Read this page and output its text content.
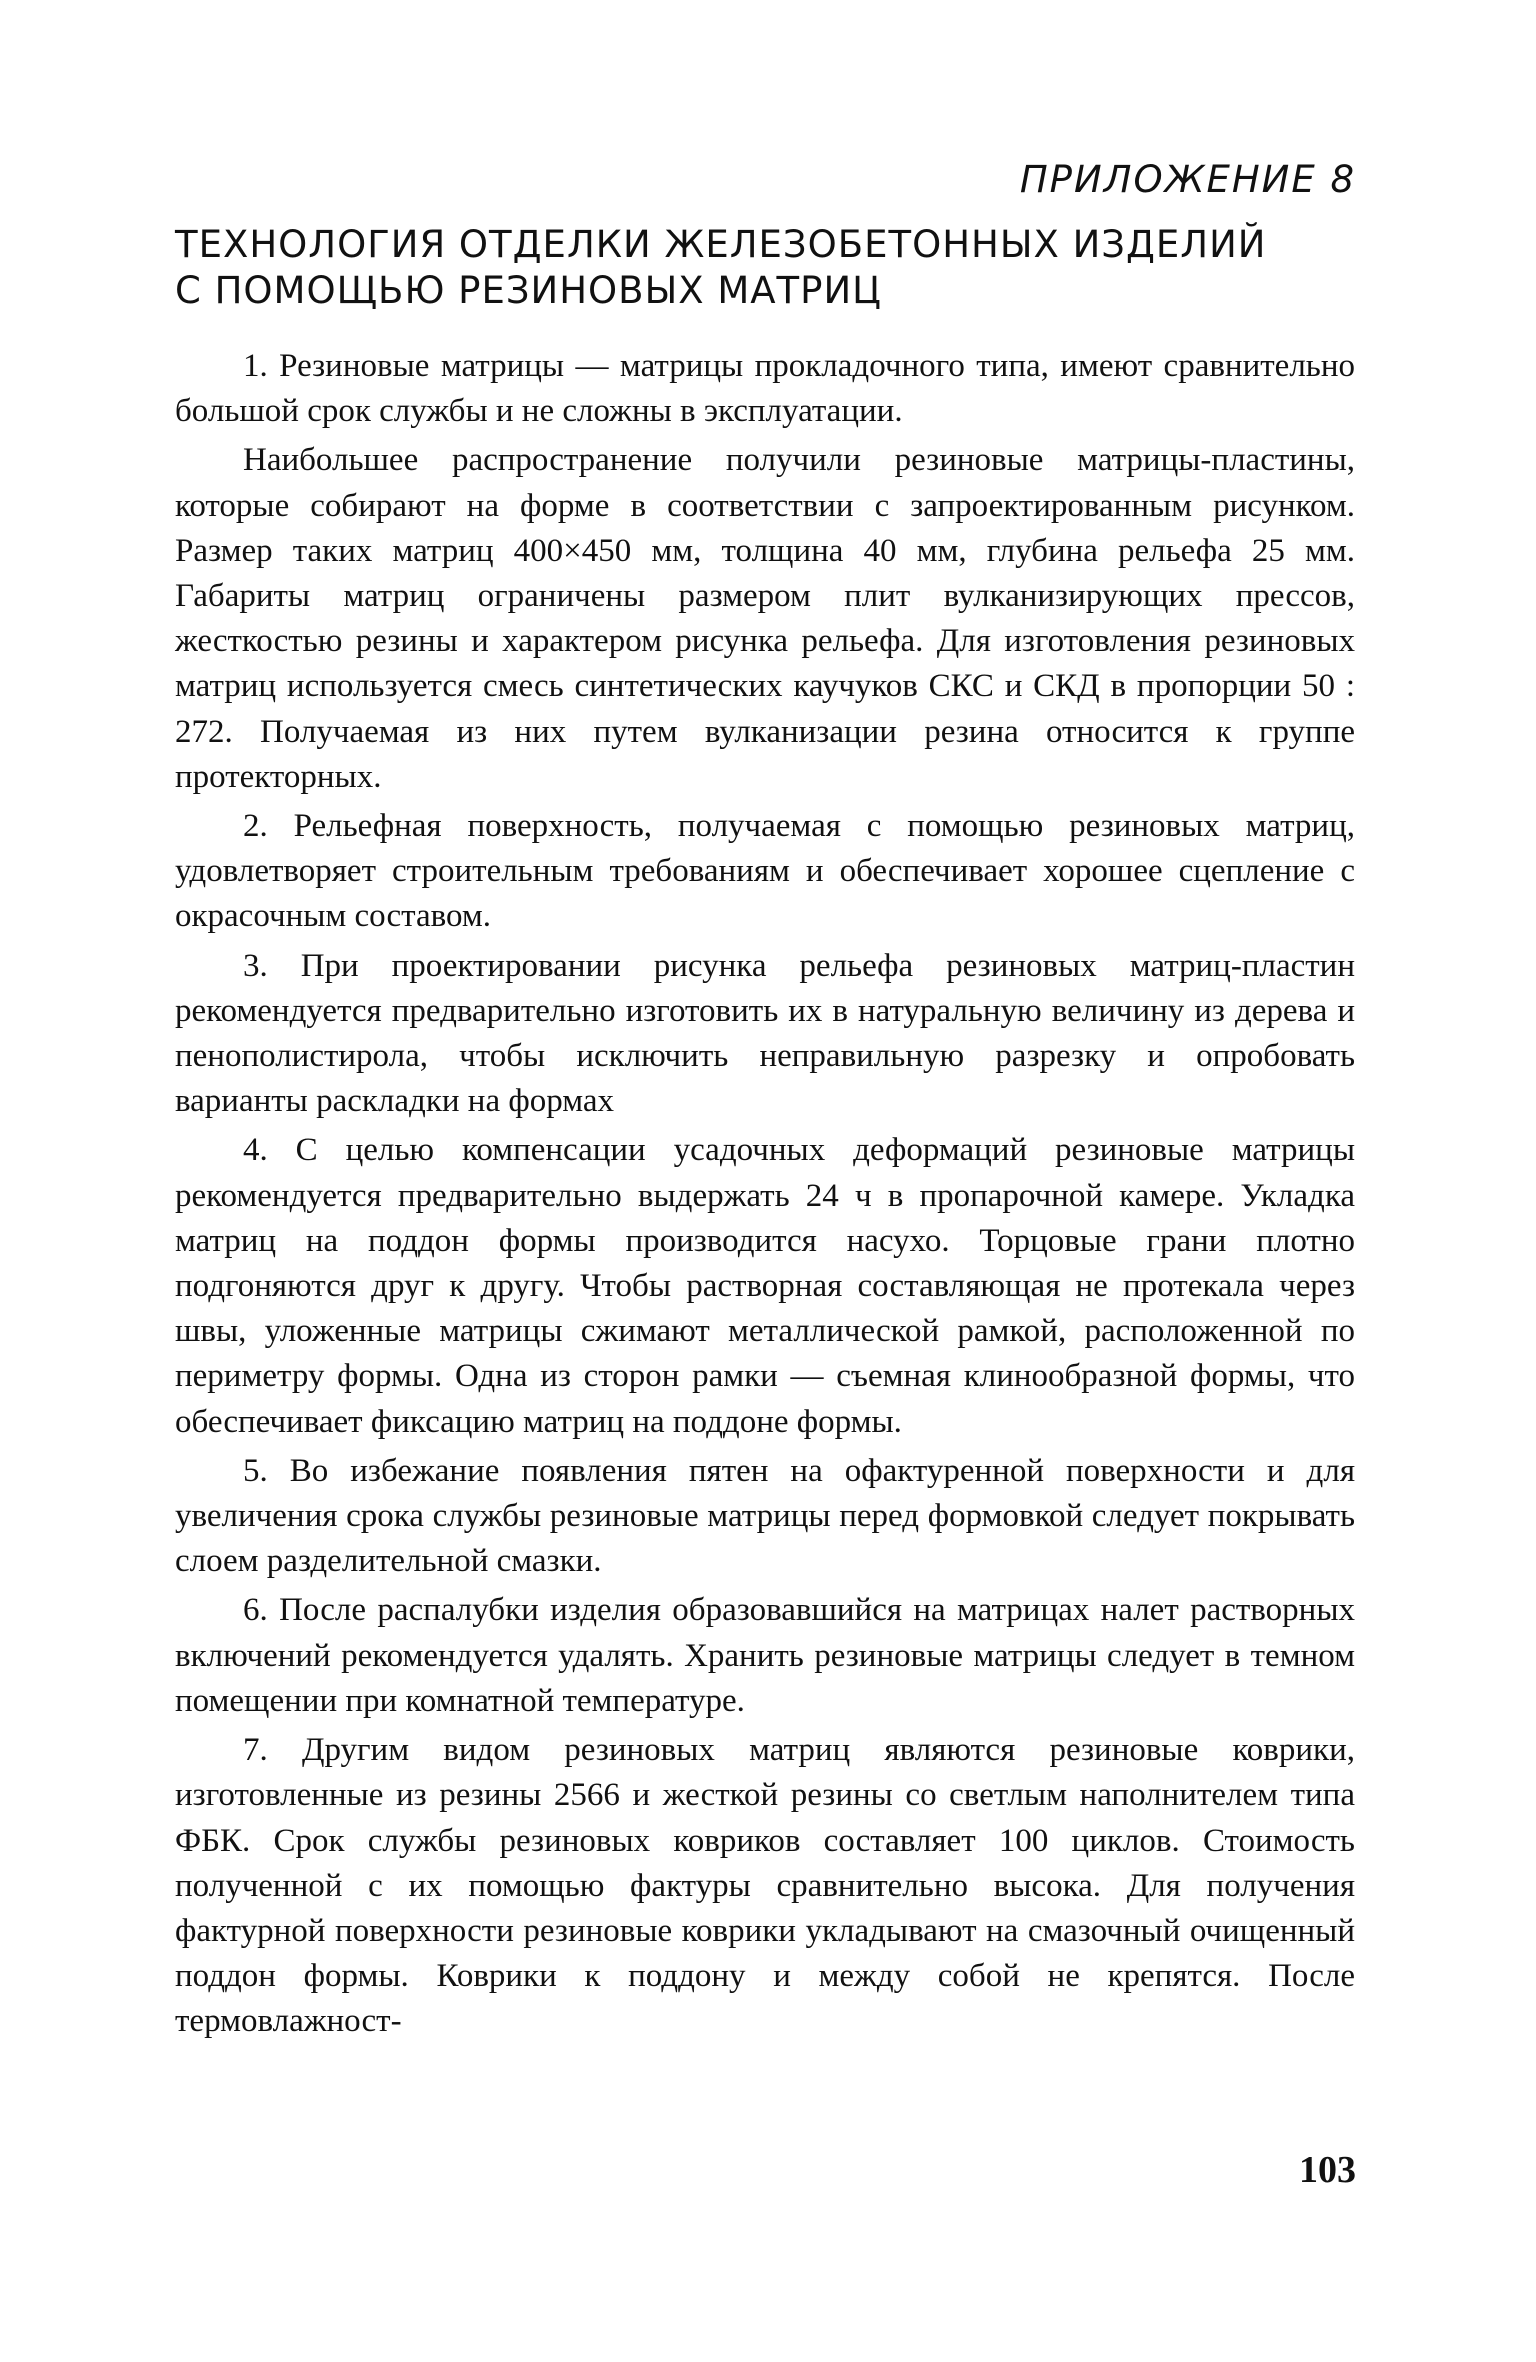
ПРИЛОЖЕНИЕ 8
ТЕХНОЛОГИЯ ОТДЕЛКИ ЖЕЛЕЗОБЕТОННЫХ ИЗДЕЛИЙ
С ПОМОЩЬЮ РЕЗИНОВЫХ МАТРИЦ

1. Резиновые матрицы — матрицы прокладочного типа, имеют сравнительно большой срок службы и не сложны в эксплуатации.

Наибольшее распространение получили резиновые матрицы-пластины, которые собирают на форме в соответствии с запроектированным рисунком. Размер таких матриц 400×450 мм, толщина 40 мм, глубина рельефа 25 мм. Габариты матриц ограничены размером плит вулканизирующих прессов, жесткостью резины и характером рисунка рельефа. Для изготовления резиновых матриц используется смесь синтетических каучуков СКС и СКД в пропорции 50 : 272. Получаемая из них путем вулканизации резина относится к группе протекторных.

2. Рельефная поверхность, получаемая с помощью резиновых матриц, удовлетворяет строительным требованиям и обеспечивает хорошее сцепление с окрасочным составом.

3. При проектировании рисунка рельефа резиновых матриц-пластин рекомендуется предварительно изготовить их в натуральную величину из дерева и пенополистирола, чтобы исключить неправильную разрезку и опробовать варианты раскладки на формах

4. С целью компенсации усадочных деформаций резиновые матрицы рекомендуется предварительно выдержать 24 ч в пропарочной камере. Укладка матриц на поддон формы производится насухо. Торцовые грани плотно подгоняются друг к другу. Чтобы растворная составляющая не протекала через швы, уложенные матрицы сжимают металлической рамкой, расположенной по периметру формы. Одна из сторон рамки — съемная клинообразной формы, что обеспечивает фиксацию матриц на поддоне формы.

5. Во избежание появления пятен на офактуренной поверхности и для увеличения срока службы резиновые матрицы перед формовкой следует покрывать слоем разделительной смазки.

6. После распалубки изделия образовавшийся на матрицах налет растворных включений рекомендуется удалять. Хранить резиновые матрицы следует в темном помещении при комнатной температуре.

7. Другим видом резиновых матриц являются резиновые коврики, изготовленные из резины 2566 и жесткой резины со светлым наполнителем типа ФБК. Срок службы резиновых ковриков составляет 100 циклов. Стоимость полученной с их помощью фактуры сравнительно высока. Для получения фактурной поверхности резиновые коврики укладывают на смазочный очищенный поддон формы. Коврики к поддону и между собой не крепятся. После термовлажност-

103
